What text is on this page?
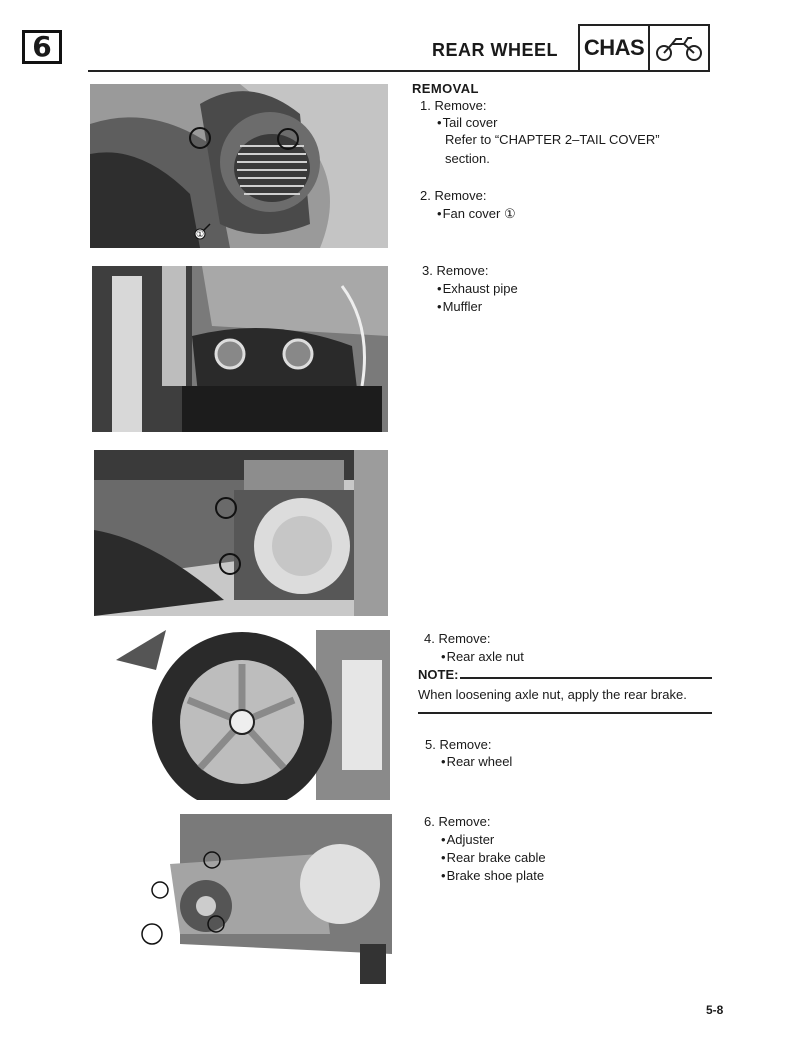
6	REAR WHEEL CHAS
①
REMOVAL
1. Remove:
• Tail cover
Refer to “CHAPTER 2–TAIL COVER”
section.
2. Remove:
• Fan cover ①
3. Remove:
• Exhaust pipe
• Muffler
4. Remove:
• Rear axle nut
NOTE:
When loosening axle nut, apply the rear brake.
5. Remove:
• Rear wheel
6. Remove:
• Adjuster
• Rear brake cable
• Brake shoe plate
5-8
